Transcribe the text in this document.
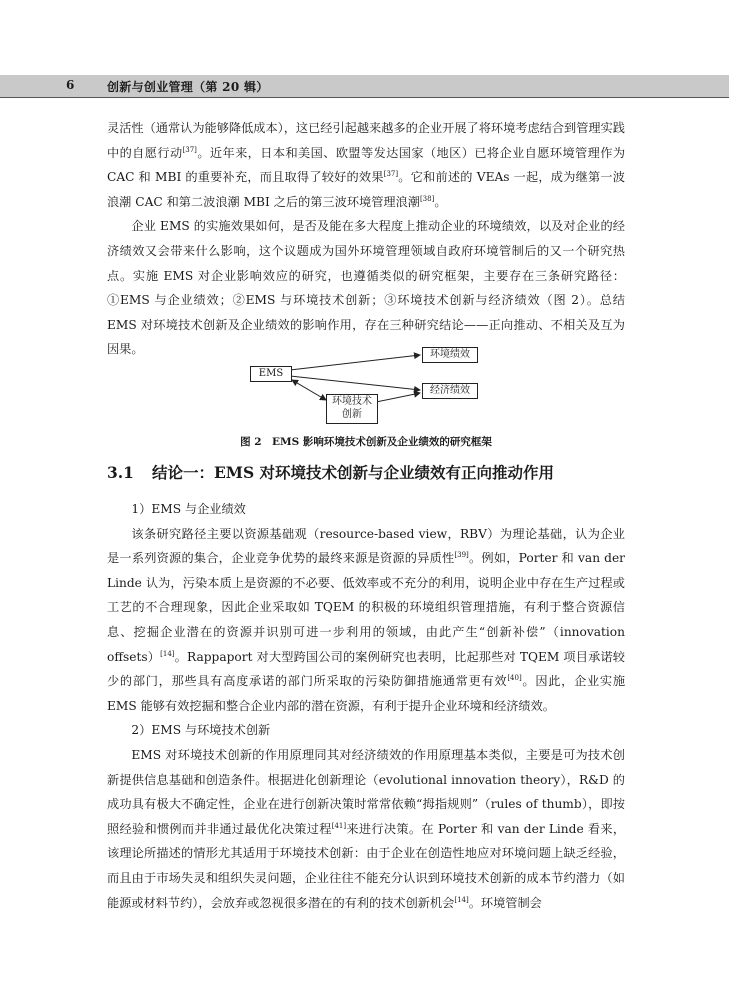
6	创新与创业管理（第 20 辑）

灵活性（通常认为能够降低成本），这已经引起越来越多的企业开展了将环境考虑结合到管理实践中的自愿行动[37]。近年来，日本和美国、欧盟等发达国家（地区）已将企业自愿环境管理作为 CAC 和 MBI 的重要补充，而且取得了较好的效果[37]。它和前述的 VEAs 一起，成为继第一波浪潮 CAC 和第二波浪潮 MBI 之后的第三波环境管理浪潮[38]。

企业 EMS 的实施效果如何，是否及能在多大程度上推动企业的环境绩效，以及对企业的经济绩效又会带来什么影响，这个议题成为国外环境管理领域自政府环境管制后的又一个研究热点。实施 EMS 对企业影响效应的研究，也遵循类似的研究框架，主要存在三条研究路径：①EMS 与企业绩效；②EMS 与环境技术创新；③环境技术创新与经济绩效（图 2）。总结 EMS 对环境技术创新及企业绩效的影响作用，存在三种研究结论——正向推动、不相关及互为因果。

EMS
环境绩效
经济绩效
环境技术
创新
图 2　EMS 影响环境技术创新及企业绩效的研究框架
3.1 结论一：EMS 对环境技术创新与企业绩效有正向推动作用

1）EMS 与企业绩效

该条研究路径主要以资源基础观（resource-based view，RBV）为理论基础，认为企业是一系列资源的集合，企业竞争优势的最终来源是资源的异质性[39]。例如，Porter 和 van der Linde 认为，污染本质上是资源的不必要、低效率或不充分的利用，说明企业中存在生产过程或工艺的不合理现象，因此企业采取如 TQEM 的积极的环境组织管理措施，有利于整合资源信息、挖掘企业潜在的资源并识别可进一步利用的领域，由此产生“创新补偿”（innovation offsets）[14]。Rappaport 对大型跨国公司的案例研究也表明，比起那些对 TQEM 项目承诺较少的部门，那些具有高度承诺的部门所采取的污染防御措施通常更有效[40]。因此，企业实施 EMS 能够有效挖掘和整合企业内部的潜在资源，有利于提升企业环境和经济绩效。

2）EMS 与环境技术创新

EMS 对环境技术创新的作用原理同其对经济绩效的作用原理基本类似，主要是可为技术创新提供信息基础和创造条件。根据进化创新理论（evolutional innovation theory），R&D 的成功具有极大不确定性，企业在进行创新决策时常常依赖“拇指规则”（rules of thumb），即按照经验和惯例而并非通过最优化决策过程[41]来进行决策。在 Porter 和 van der Linde 看来，该理论所描述的情形尤其适用于环境技术创新：由于企业在创造性地应对环境问题上缺乏经验，而且由于市场失灵和组织失灵问题，企业往往不能充分认识到环境技术创新的成本节约潜力（如能源或材料节约），会放弃或忽视很多潜在的有利的技术创新机会[14]。环境管制会
